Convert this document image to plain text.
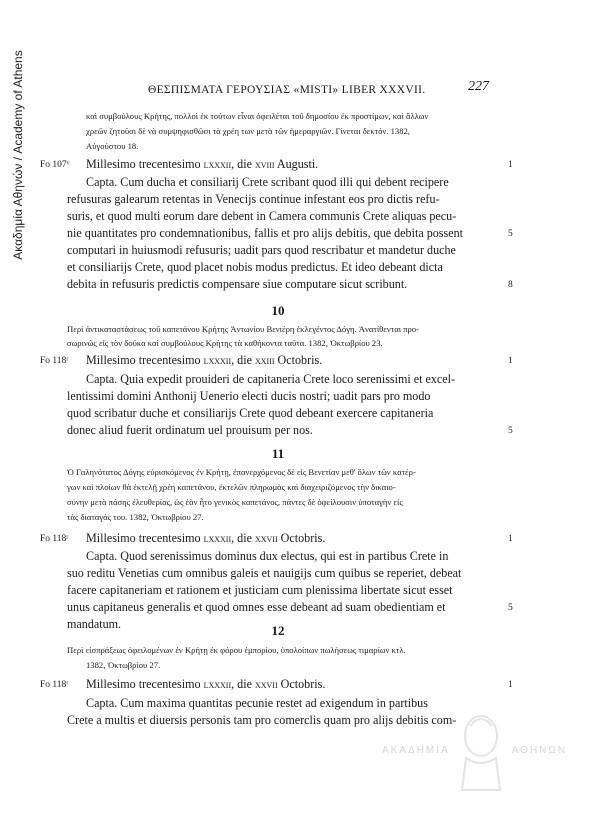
Ακαδημία Αθηνών / Academy of Athens	ΘΕΣΠΙΣΜΑΤΑ ΓΕΡΟΥΣΙΑΣ «MISTI» LIBER XXXVII.	227
καὶ συμβούλους Κρήτης, πολλοὶ ἐκ τούτων εἶναι ὀφειλέται τοῦ δημοσίου ἐκ προστίμων, καὶ ἄλλων
χρεῶν ζητοῦσι δὲ νὰ συμψηφισθῶσι τὰ χρέη των μετὰ τῶν ἡμεραργιῶν. Γίνεται δεκτόν. 1382,
Αὐγούστου 18.
Fo 107ᵛ Millesimo trecentesimo lxxxii, die xviii Augusti.	1
Capta. Cum ducha et consiliarij Crete scribant quod illi qui debent recipere
refusuras galearum retentas in Venecijs continue infestant eos pro dictis refu-
suris, et quod multi eorum dare debent in Camera communis Crete aliquas pecu-
nie quantitates pro condemnationibus, fallis et pro alijs debitis, que debita possent	5
computari in huiusmodi refusuris; uadit pars quod rescribatur et mandetur duche
et consiliarijs Crete, quod placet nobis modus predictus. Et ideo debeant dicta
debita in refusuris predictis compensare siue computare sicut scribunt.	8
10
Περὶ ἀντικαταστάσεως τοῦ καπετάνου Κρήτης Ἀντωνίου Βενιέρη ἐκλεγέντος Δόγη. Ἀνατίθενται προ-
σωρινῶς εἰς τὸν δοῦκα καὶ συμβούλους Κρήτης τὰ καθήκοντα ταῦτα. 1382, Ὀκτωβρίου 23.
Fo 118ʳ Millesimo trecentesimo lxxxii, die xxiii Octobris.	1
Capta. Quia expedit prouideri de capitaneria Crete loco serenissimi et excel-
lentissimi domini Anthonij Uenerio electi ducis nostri; uadit pars pro modo
quod scribatur duche et consiliarijs Crete quod debeant exercere capitaneria
donec aliud fuerit ordinatum uel prouisum per nos.	5
11
Ὁ Γαληνότατος Δόγης εὑρισκόμενος ἐν Κρήτῃ, ἐπανερχόμενος δὲ εἰς Βενετίαν μεθ' ὅλων τῶν κατέρ-
γων καὶ πλοίων θὰ ἐκτελῇ χρέη καπετάνου, ἐκτελῶν πληρωμὰς καὶ διαχειριζόμενος τὴν δικαιο-
σύνην μετὰ πάσης ἐλευθερίας, ὡς ἐὰν ἦτο γενικὸς καπετάνος, πάντες δὲ ὀφείλουσιν ὑποταγὴν εἰς
τὰς διαταγάς του. 1382, Ὀκτωβρίου 27.
Fo 118ʳ Millesimo trecentesimo lxxxii, die xxvii Octobris.	1
Capta. Quod serenissimus dominus dux electus, qui est in partibus Crete in
suo reditu Venetias cum omnibus galeis et nauigijs cum quibus se reperiet, debeat
facere capitaneriam et rationem et justiciam cum plenissima libertate sicut esset
unus capitaneus generalis et quod omnes esse debeant ad suam obedientiam et	5
mandatum.	12
Περὶ εἰσπράξεως ὀφειλομένων ἐν Κρήτῃ ἐκ φόρου ἐμπορίου, ὑπολοίπων πωλήσεως τιμαρίων κτλ.
1382, Ὀκτωβρίου 27.
Fo 118ʳ Millesimo trecentesimo lxxxii, die xxvii Octobris.	1
Capta. Cum maxima quantitas pecunie restet ad exigendum in partibus
Crete a multis et diuersis personis tam pro comerclis quam pro alijs debitis com-
ΑΚΑΔΗΜΙΑ	ΑΘΗΝΩΝ
